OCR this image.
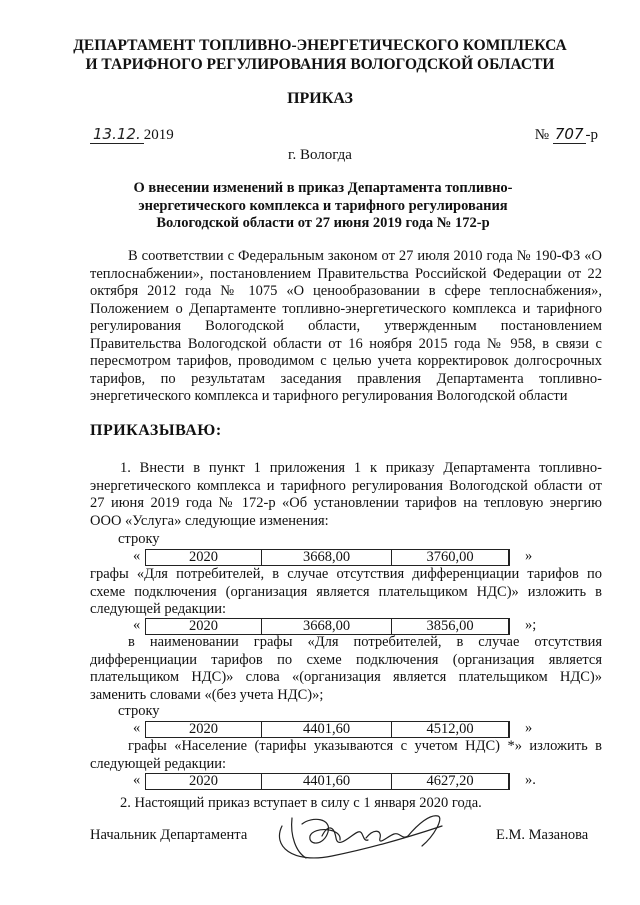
ДЕПАРТАМЕНТ ТОПЛИВНО-ЭНЕРГЕТИЧЕСКОГО КОМПЛЕКСА
И ТАРИФНОГО РЕГУЛИРОВАНИЯ ВОЛОГОДСКОЙ ОБЛАСТИ
ПРИКАЗ
13.12. 2019	№ 707 -р
г. Вологда
О внесении изменений в приказ Департамента топливно-энергетического комплекса и тарифного регулирования Вологодской области от 27 июня 2019 года № 172-р
В соответствии с Федеральным законом от 27 июля 2010 года № 190-ФЗ «О теплоснабжении», постановлением Правительства Российской Федерации от 22 октября 2012 года № 1075 «О ценообразовании в сфере теплоснабжения», Положением о Департаменте топливно-энергетического комплекса и тарифного регулирования Вологодской области, утвержденным постановлением Правительства Вологодской области от 16 ноября 2015 года № 958, в связи с пересмотром тарифов, проводимом с целью учета корректировок долгосрочных тарифов, по результатам заседания правления Департамента топливно-энергетического комплекса и тарифного регулирования Вологодской области
ПРИКАЗЫВАЮ:
1. Внести в пункт 1 приложения 1 к приказу Департамента топливно-энергетического комплекса и тарифного регулирования Вологодской области от 27 июня 2019 года № 172-р «Об установлении тарифов на тепловую энергию ООО «Услуга» следующие изменения:
строку
«	2020	3668,00	3760,00	»
графы «Для потребителей, в случае отсутствия дифференциации тарифов по схеме подключения (организация является плательщиком НДС)» изложить в следующей редакции:
«	2020	3668,00	3856,00	»;
в наименовании графы «Для потребителей, в случае отсутствия дифференциации тарифов по схеме подключения (организация является плательщиком НДС)» слова «(организация является плательщиком НДС)» заменить словами «(без учета НДС)»;
строку
«	2020	4401,60	4512,00	»
графы «Население (тарифы указываются с учетом НДС) *» изложить в следующей редакции:
«	2020	4401,60	4627,20	».
2. Настоящий приказ вступает в силу с 1 января 2020 года.
Начальник Департамента	Е.М. Мазанова
